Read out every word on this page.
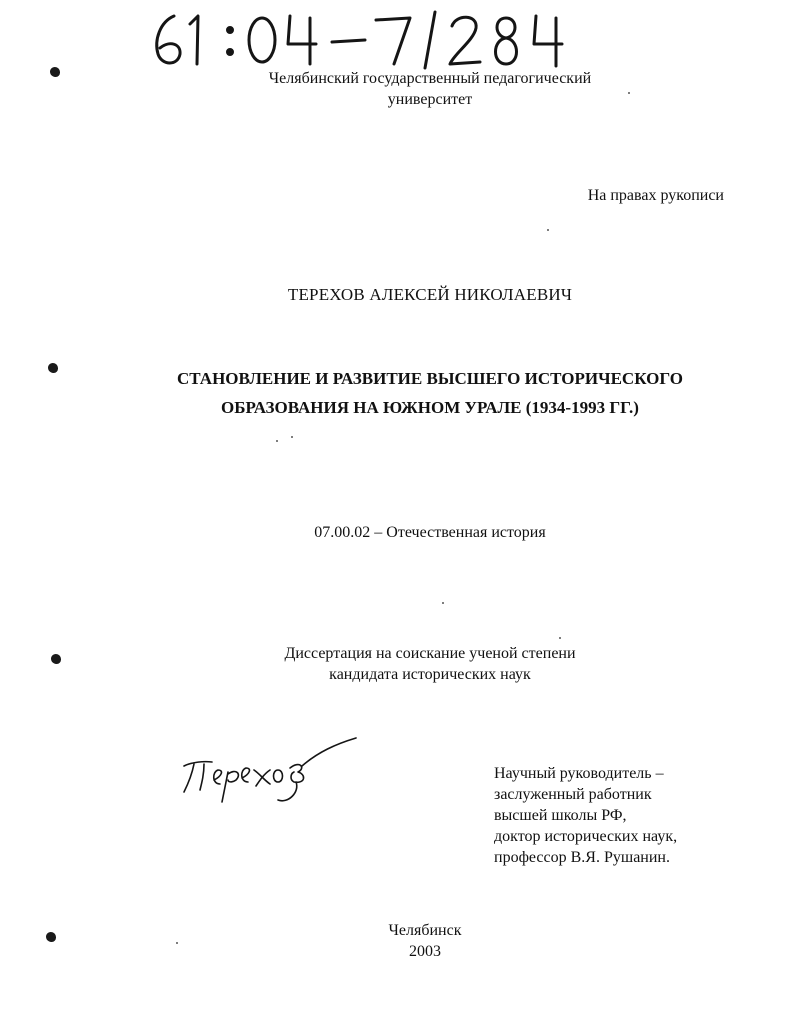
Челябинский государственный педагогический
университет
На правах рукописи
ТЕРЕХОВ АЛЕКСЕЙ НИКОЛАЕВИЧ
СТАНОВЛЕНИЕ И РАЗВИТИЕ ВЫСШЕГО ИСТОРИЧЕСКОГО
ОБРАЗОВАНИЯ НА ЮЖНОМ УРАЛЕ (1934-1993 ГГ.)
07.00.02 – Отечественная история
Диссертация на соискание ученой степени
кандидата исторических наук
Научный руководитель –
заслуженный работник
высшей школы РФ,
доктор исторических наук,
профессор В.Я. Рушанин.
Челябинск
2003
